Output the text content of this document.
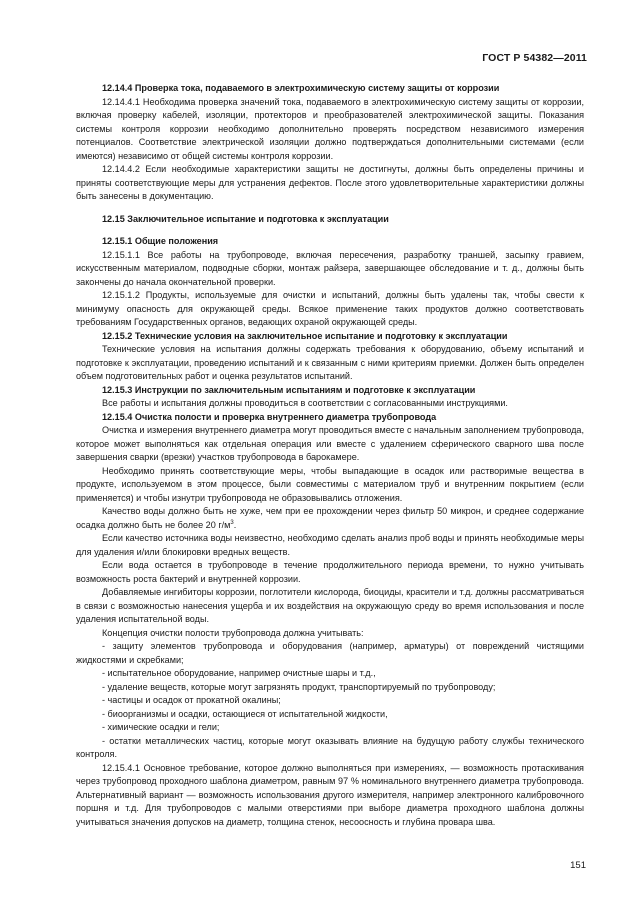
ГОСТ Р 54382—2011
12.14.4 Проверка тока, подаваемого в электрохимическую систему защиты от коррозии

12.14.4.1 Необходима проверка значений тока, подаваемого в электрохимическую систему защиты от коррозии, включая проверку кабелей, изоляции, протекторов и преобразователей электрохимической защиты. Показания системы контроля коррозии необходимо дополнительно проверять посредством независимого измерения потенциалов. Соответствие электрической изоляции должно подтверждаться дополнительными системами (если имеются) независимо от общей системы контроля коррозии.

12.14.4.2 Если необходимые характеристики защиты не достигнуты, должны быть определены причины и приняты соответствующие меры для устранения дефектов. После этого удовлетворительные характеристики должны быть занесены в документацию.

12.15 Заключительное испытание и подготовка к эксплуатации
12.15.1 Общие положения

12.15.1.1 Все работы на трубопроводе, включая пересечения, разработку траншей, засыпку гравием, искусственным материалом, подводные сборки, монтаж райзера, завершающее обследование и т. д., должны быть закончены до начала окончательной проверки.

12.15.1.2 Продукты, используемые для очистки и испытаний, должны быть удалены так, чтобы свести к минимуму опасность для окружающей среды. Всякое применение таких продуктов должно соответствовать требованиям Государственных органов, ведающих охраной окружающей среды.

12.15.2 Технические условия на заключительное испытание и подготовку к эксплуатации

Технические условия на испытания должны содержать требования к оборудованию, объему испытаний и подготовке к эксплуатации, проведению испытаний и к связанным с ними критериям приемки. Должен быть определен объем подготовительных работ и оценка результатов испытаний.

12.15.3 Инструкции по заключительным испытаниям и подготовке к эксплуатации

Все работы и испытания должны проводиться в соответствии с согласованными инструкциями.

12.15.4 Очистка полости и проверка внутреннего диаметра трубопровода

Очистка и измерения внутреннего диаметра могут проводиться вместе с начальным заполнением трубопровода, которое может выполняться как отдельная операция или вместе с удалением сферического сварного шва после завершения сварки (врезки) участков трубопровода в барокамере.

Необходимо принять соответствующие меры, чтобы выпадающие в осадок или растворимые вещества в продукте, используемом в этом процессе, были совместимы с материалом труб и внутренним покрытием (если применяется) и чтобы изнутри трубопровода не образовывались отложения.

Качество воды должно быть не хуже, чем при ее прохождении через фильтр 50 микрон, и среднее содержание осадка должно быть не более 20 $г/м^3$.

Если качество источника воды неизвестно, необходимо сделать анализ проб воды и принять необходимые меры для удаления и/или блокировки вредных веществ.

Если вода остается в трубопроводе в течение продолжительного периода времени, то нужно учитывать возможность роста бактерий и внутренней коррозии.

Добавляемые ингибиторы коррозии, поглотители кислорода, биоциды, красители и т.д. должны рассматриваться в связи с возможностью нанесения ущерба и их воздействия на окружающую среду во время использования и после удаления испытательной воды.

Концепция очистки полости трубопровода должна учитывать:

- защиту элементов трубопровода и оборудования (например, арматуры) от повреждений чистящими жидкостями и скребками;
- испытательное оборудование, например очистные шары и т.д.,
- удаление веществ, которые могут загрязнять продукт, транспортируемый по трубопроводу;
- частицы и осадок от прокатной окалины;
- биоорганизмы и осадки, остающиеся от испытательной жидкости,
- химические осадки и гели;
- остатки металлических частиц, которые могут оказывать влияние на будущую работу службы технического контроля.

12.15.4.1 Основное требование, которое должно выполняться при измерениях, — возможность протаскивания через трубопровод проходного шаблона диаметром, равным 97 % номинального внутреннего диаметра трубопровода. Альтернативный вариант — возможность использования другого измерителя, например электронного калибровочного поршня и т.д. Для трубопроводов с малыми отверстиями при выборе диаметра проходного шаблона должны учитываться значения допусков на диаметр, толщина стенок, несоосность и глубина провара шва.

151
